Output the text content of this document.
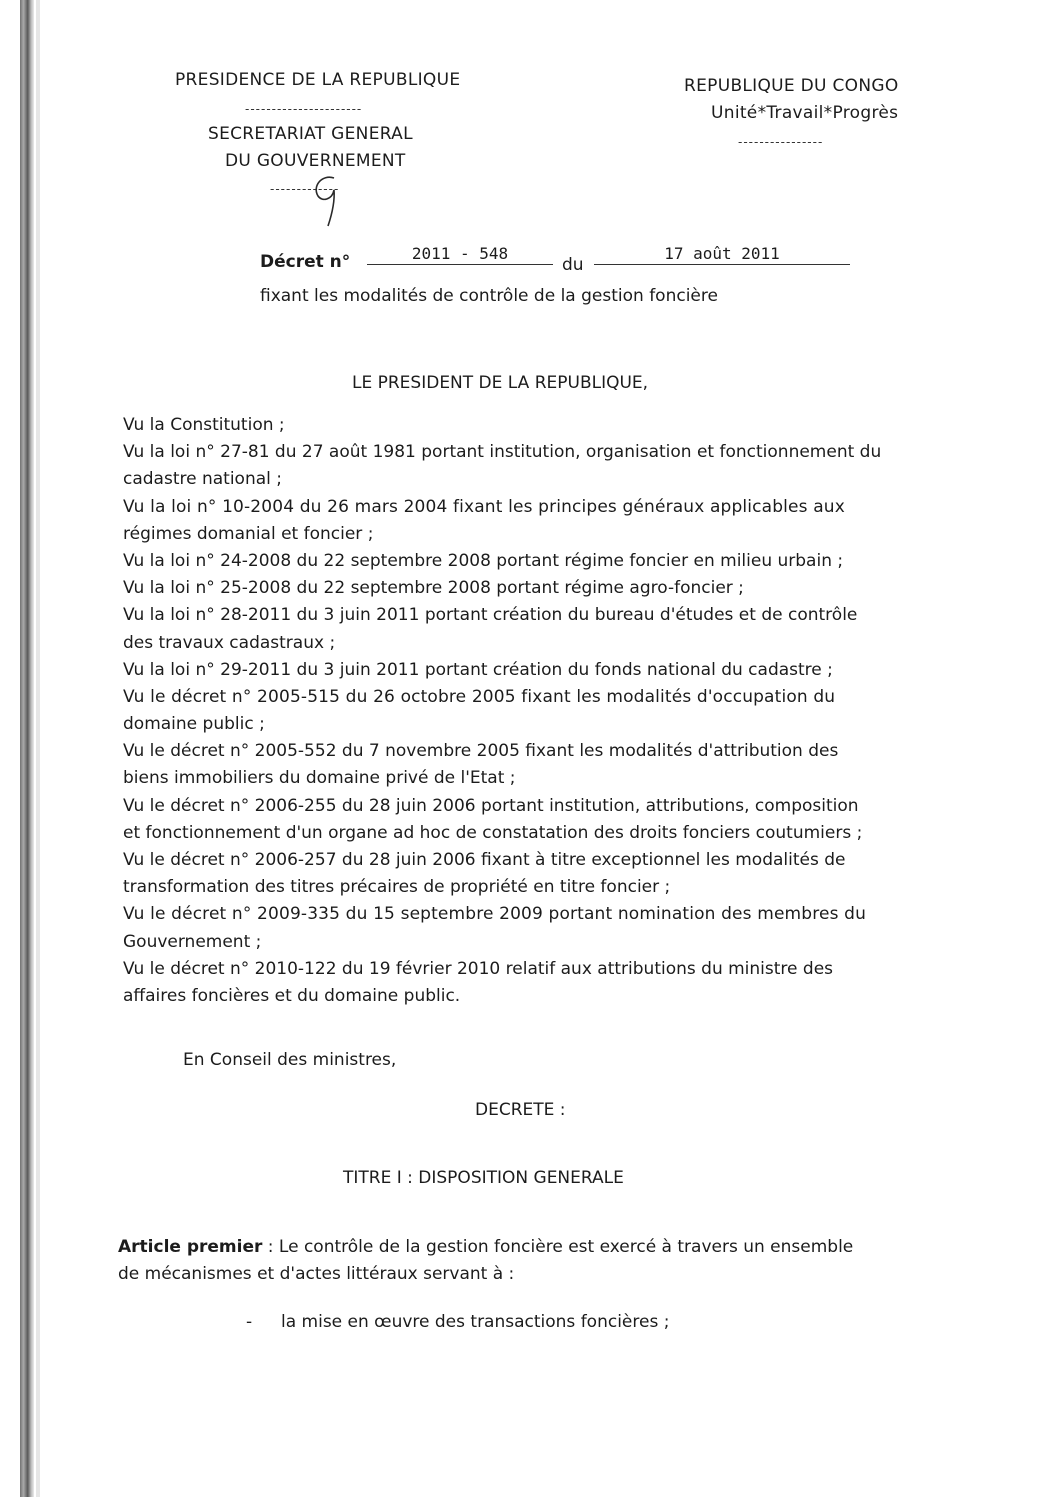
PRESIDENCE DE LA REPUBLIQUE
----------------------
SECRETARIAT GENERAL
DU GOUVERNEMENT
-------------
REPUBLIQUE DU CONGO
Unité*Travail*Progrès
----------------
Décret n°	2011 - 548
du
17 août 2011
fixant les modalités de contrôle de la gestion foncière
LE PRESIDENT DE LA REPUBLIQUE,
Vu la Constitution ;
Vu la loi n° 27-81 du 27 août 1981 portant institution, organisation et fonctionnement du
cadastre national ;
Vu la loi n° 10-2004 du 26 mars 2004 fixant les principes généraux applicables aux
régimes domanial et foncier ;
Vu la loi n° 24-2008 du 22 septembre 2008 portant régime foncier en milieu urbain ;
Vu la loi n° 25-2008 du 22 septembre 2008 portant régime agro-foncier ;
Vu la loi n° 28-2011 du 3 juin 2011 portant création du bureau d'études et de contrôle
des travaux cadastraux ;
Vu la loi n° 29-2011 du 3 juin 2011 portant création du fonds national du cadastre ;
Vu le décret n° 2005-515 du 26 octobre 2005 fixant les modalités d'occupation du
domaine public ;
Vu le décret n° 2005-552 du 7 novembre 2005 fixant les modalités d'attribution des
biens immobiliers du domaine privé de l'Etat ;
Vu le décret n° 2006-255 du 28 juin 2006 portant institution, attributions, composition
et fonctionnement d'un organe ad hoc de constatation des droits fonciers coutumiers ;
Vu le décret n° 2006-257 du 28 juin 2006 fixant à titre exceptionnel les modalités de
transformation des titres précaires de propriété en titre foncier ;
Vu le décret n° 2009-335 du 15 septembre 2009 portant nomination des membres du
Gouvernement ;
Vu le décret n° 2010-122 du 19 février 2010 relatif aux attributions du ministre des
affaires foncières et du domaine public.
En Conseil des ministres,
DECRETE :
TITRE I : DISPOSITION GENERALE
Article premier : Le contrôle de la gestion foncière est exercé à travers un ensemble
de mécanismes et d'actes littéraux servant à :
- la mise en œuvre des transactions foncières ;
